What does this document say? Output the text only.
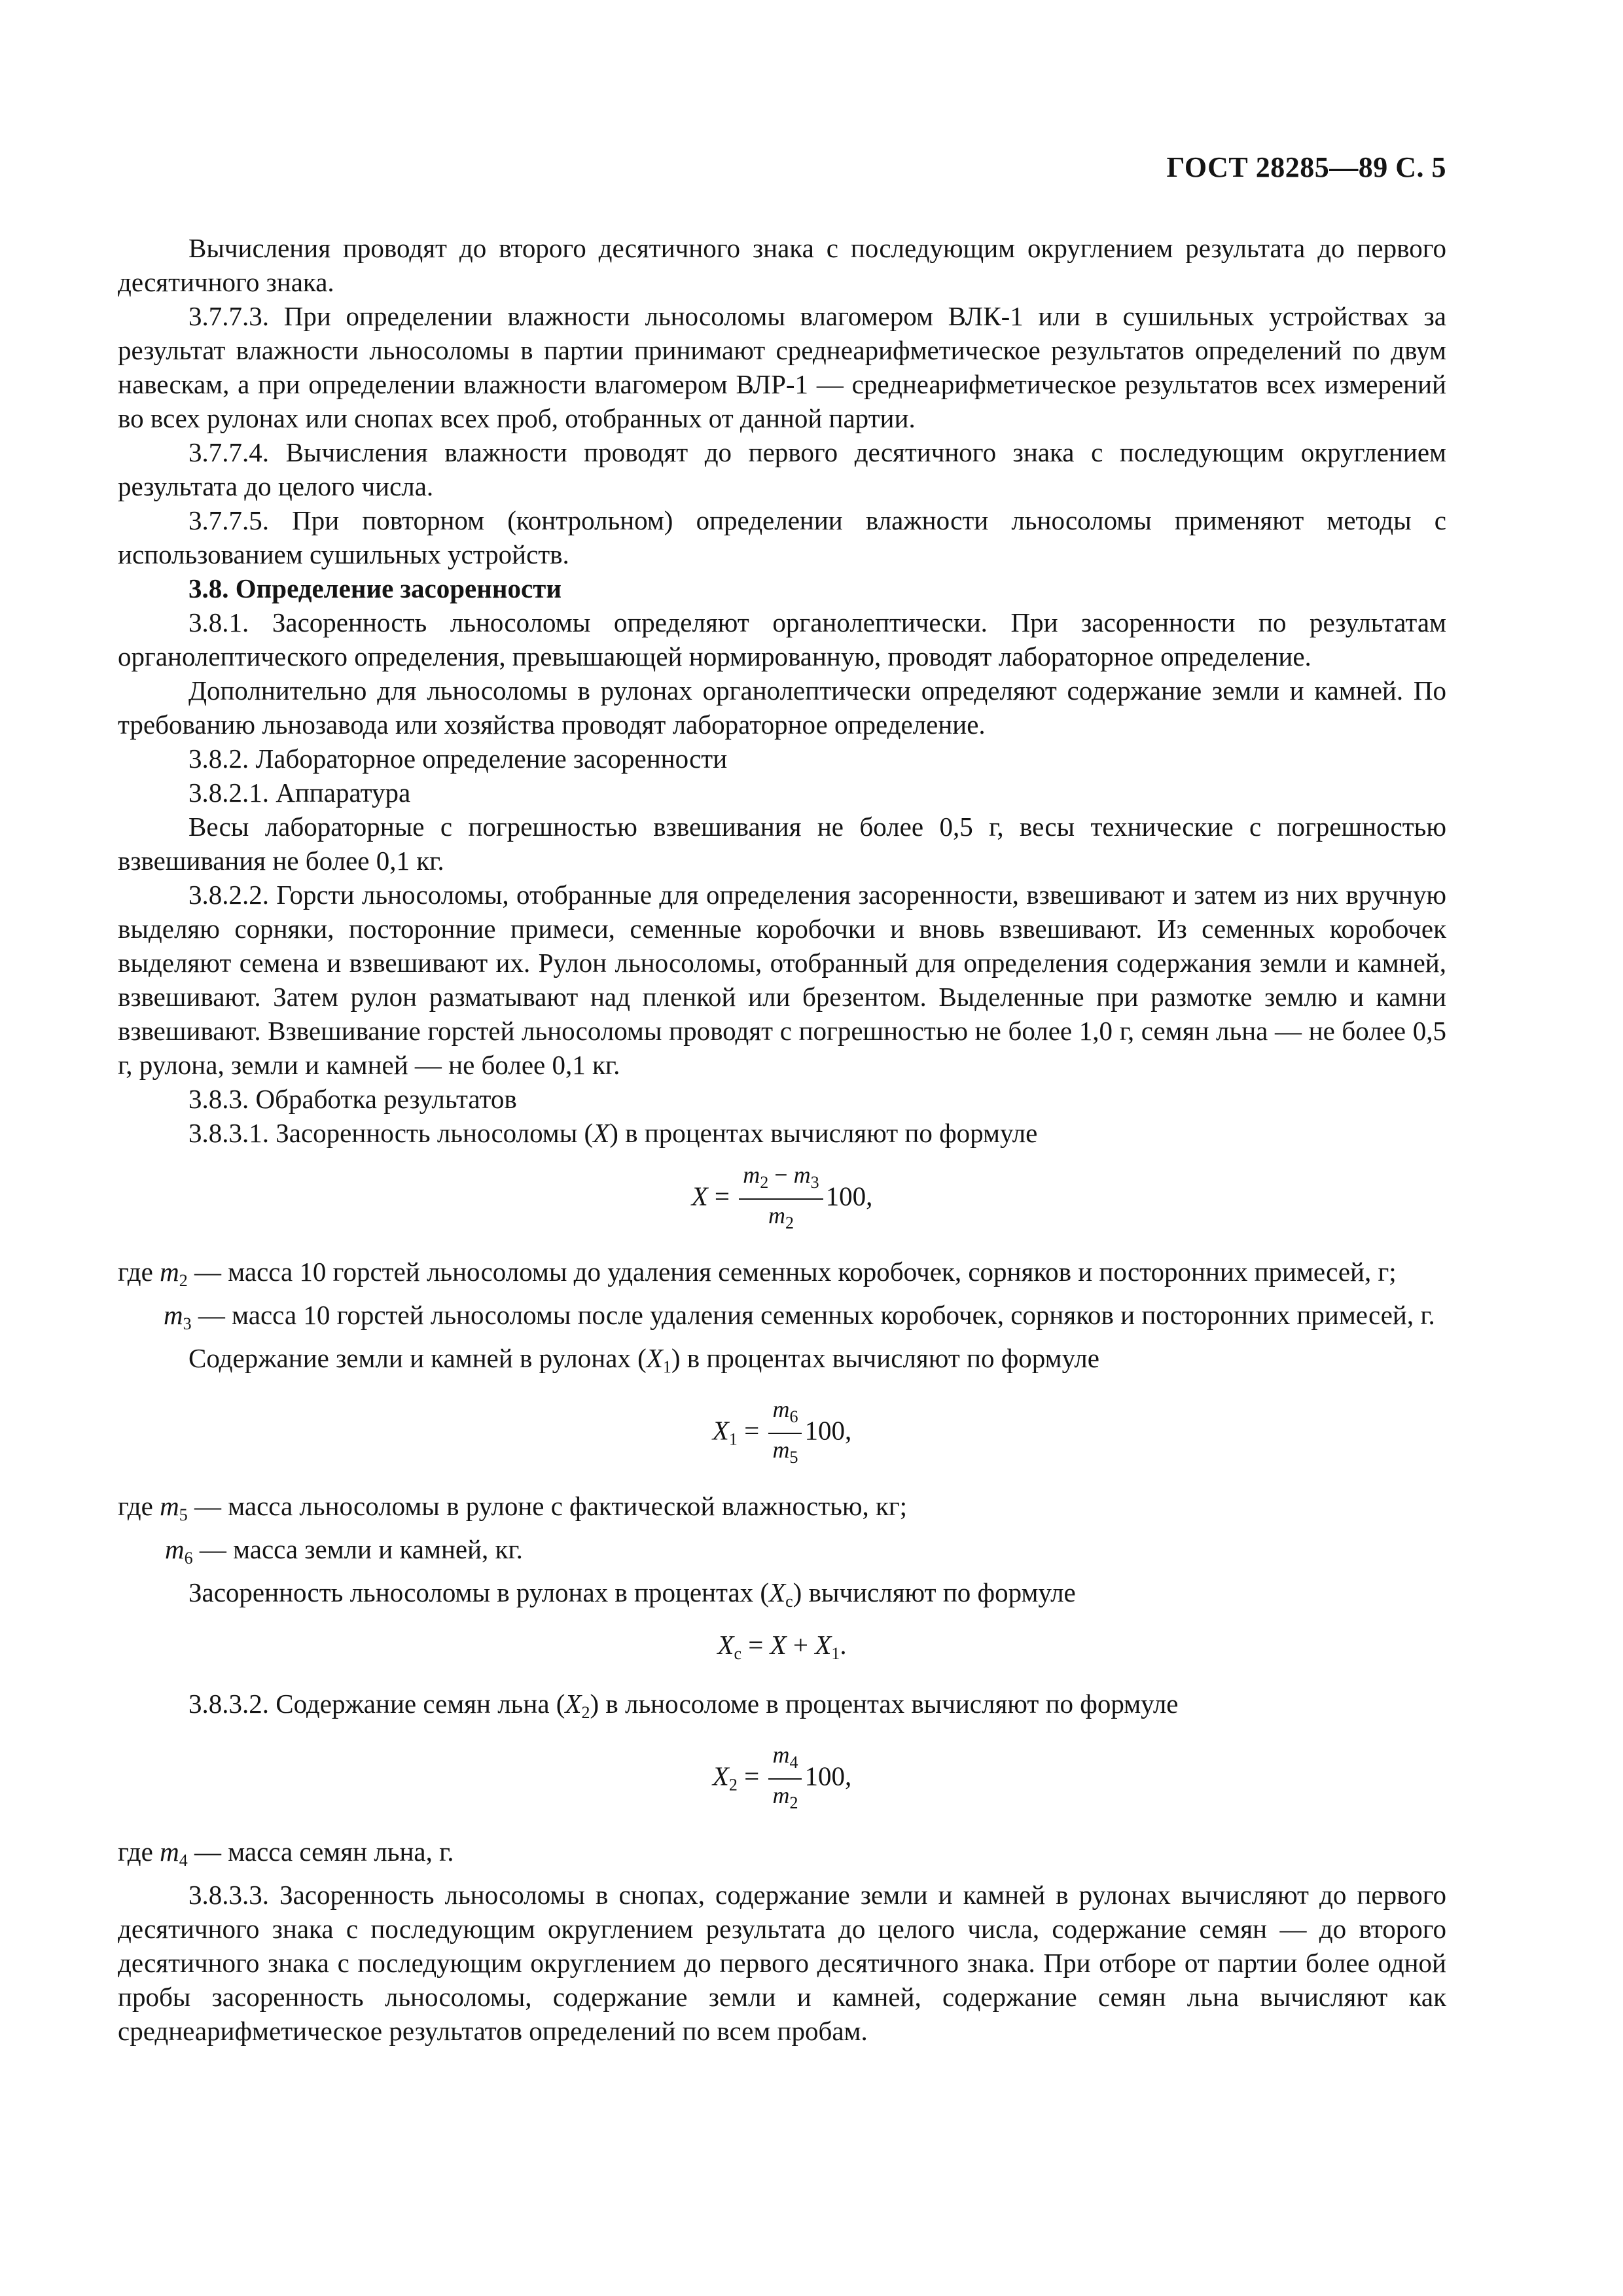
ГОСТ 28285—89 С. 5

Вычисления проводят до второго десятичного знака с последующим округлением результата до первого десятичного знака.

3.7.7.3. При определении влажности льносоломы влагомером ВЛК-1 или в сушильных устройствах за результат влажности льносоломы в партии принимают среднеарифметическое результатов определений по двум навескам, а при определении влажности влагомером ВЛР-1 — среднеарифметическое результатов всех измерений во всех рулонах или снопах всех проб, отобранных от данной партии.

3.7.7.4. Вычисления влажности проводят до первого десятичного знака с последующим округлением результата до целого числа.

3.7.7.5. При повторном (контрольном) определении влажности льносоломы применяют методы с использованием сушильных устройств.

3.8. Определение засоренности

3.8.1. Засоренность льносоломы определяют органолептически. При засоренности по результатам органолептического определения, превышающей нормированную, проводят лабораторное определение.

Дополнительно для льносоломы в рулонах органолептически определяют содержание земли и камней. По требованию льнозавода или хозяйства проводят лабораторное определение.

3.8.2. Лабораторное определение засоренности

3.8.2.1. Аппаратура

Весы лабораторные с погрешностью взвешивания не более 0,5 г, весы технические с погрешностью взвешивания не более 0,1 кг.

3.8.2.2. Горсти льносоломы, отобранные для определения засоренности, взвешивают и затем из них вручную выделяю сорняки, посторонние примеси, семенные коробочки и вновь взвешивают. Из семенных коробочек выделяют семена и взвешивают их. Рулон льносоломы, отобранный для определения содержания земли и камней, взвешивают. Затем рулон разматывают над пленкой или брезентом. Выделенные при размотке землю и камни взвешивают. Взвешивание горстей льносоломы проводят с погрешностью не более 1,0 г, семян льна — не более 0,5 г, рулона, земли и камней — не более 0,1 кг.

3.8.3. Обработка результатов

3.8.3.1. Засоренность льносоломы (X) в процентах вычисляют по формуле

$X = \frac{m_2 - m_3}{m_2} 100$,

где $m_2$ — масса 10 горстей льносоломы до удаления семенных коробочек, сорняков и посторонних примесей, г;

$m_3$ — масса 10 горстей льносоломы после удаления семенных коробочек, сорняков и посторонних примесей, г.

Содержание земли и камней в рулонах $(X_1)$ в процентах вычисляют по формуле

$X_1 = \frac{m_6}{m_5} 100$,

где $m_5$ — масса льносоломы в рулоне с фактической влажностью, кг;

$m_6$ — масса земли и камней, кг.

Засоренность льносоломы в рулонах в процентах $(X_c)$ вычисляют по формуле

$X_c = X + X_1$.

3.8.3.2. Содержание семян льна $(X_2)$ в льносоломе в процентах вычисляют по формуле

$X_2 = \frac{m_4}{m_2} 100$,

где $m_4$ — масса семян льна, г.

3.8.3.3. Засоренность льносоломы в снопах, содержание земли и камней в рулонах вычисляют до первого десятичного знака с последующим округлением результата до целого числа, содержание семян — до второго десятичного знака с последующим округлением до первого десятичного знака. При отборе от партии более одной пробы засоренность льносоломы, содержание земли и камней, содержание семян льна вычисляют как среднеарифметическое результатов определений по всем пробам.
